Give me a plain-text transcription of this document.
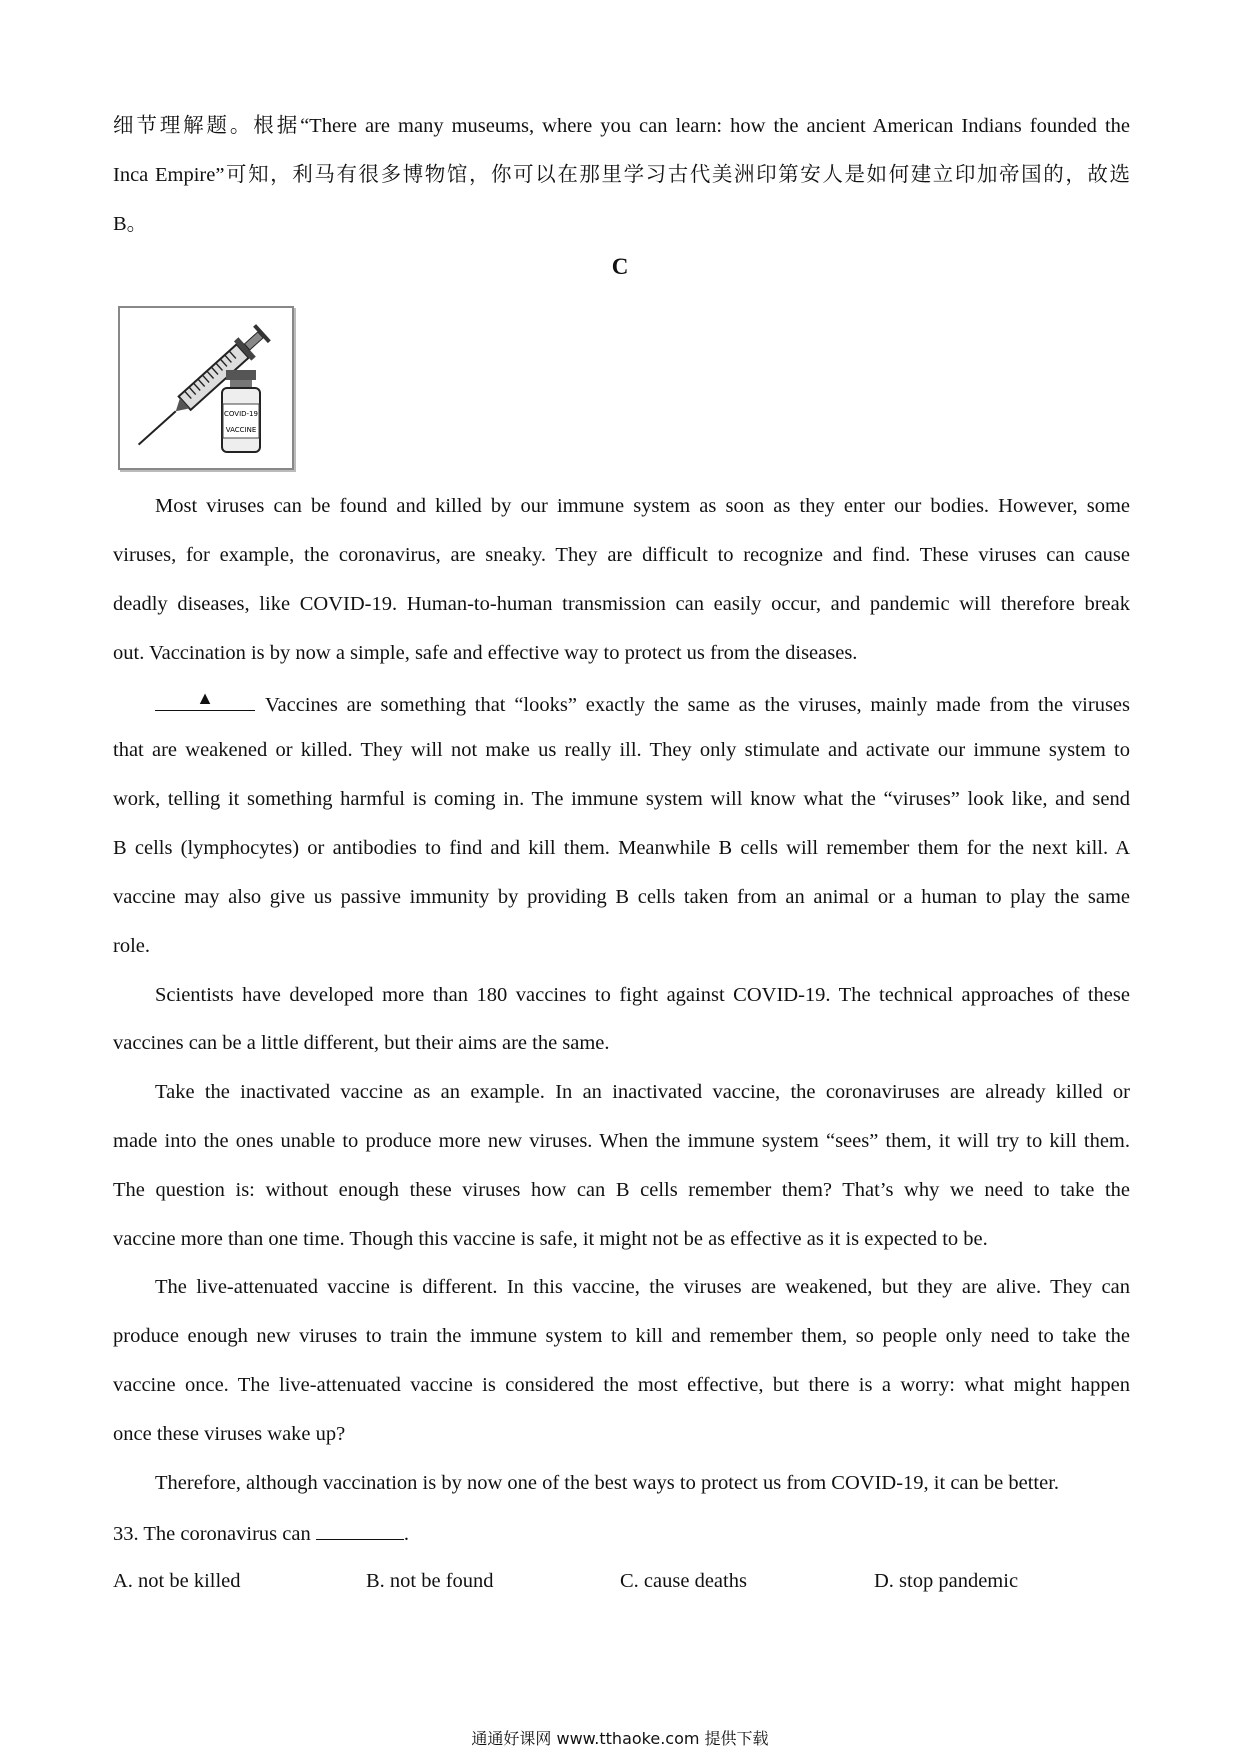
细节理解题。根据“There are many museums, where you can learn: how the ancient American Indians founded the
Inca Empire”可知，利马有很多博物馆，你可以在那里学习古代美洲印第安人是如何建立印加帝国的，故选
B。
C
COVID-19
VACCINE
Most viruses can be found and killed by our immune system as soon as they enter our bodies. However, some
viruses, for example, the coronavirus, are sneaky. They are difficult to recognize and find. These viruses can cause
deadly diseases, like COVID-19. Human-to-human transmission can easily occur, and pandemic will therefore break
out. Vaccination is by now a simple, safe and effective way to protect us from the diseases.
▲	Vaccines are something that “looks” exactly the same as the viruses, mainly made from the viruses
that are weakened or killed. They will not make us really ill. They only stimulate and activate our immune system to
work, telling it something harmful is coming in. The immune system will know what the “viruses” look like, and send
B cells (lymphocytes) or antibodies to find and kill them. Meanwhile B cells will remember them for the next kill. A
vaccine may also give us passive immunity by providing B cells taken from an animal or a human to play the same
role.
Scientists have developed more than 180 vaccines to fight against COVID-19. The technical approaches of these
vaccines can be a little different, but their aims are the same.
Take the inactivated vaccine as an example. In an inactivated vaccine, the coronaviruses are already killed or
made into the ones unable to produce more new viruses. When the immune system “sees” them, it will try to kill them.
The question is: without enough these viruses how can B cells remember them? That’s why we need to take the
vaccine more than one time. Though this vaccine is safe, it might not be as effective as it is expected to be.
The live-attenuated vaccine is different. In this vaccine, the viruses are weakened, but they are alive. They can
produce enough new viruses to train the immune system to kill and remember them, so people only need to take the
vaccine once. The live-attenuated vaccine is considered the most effective, but there is a worry: what might happen
once these viruses wake up?
Therefore, although vaccination is by now one of the best ways to protect us from COVID-19, it can be better.
33. The coronavirus can	.
A. not be killed	B. not be found	C. cause deaths	D. stop pandemic
通通好课网 www.tthaoke.com 提供下载
